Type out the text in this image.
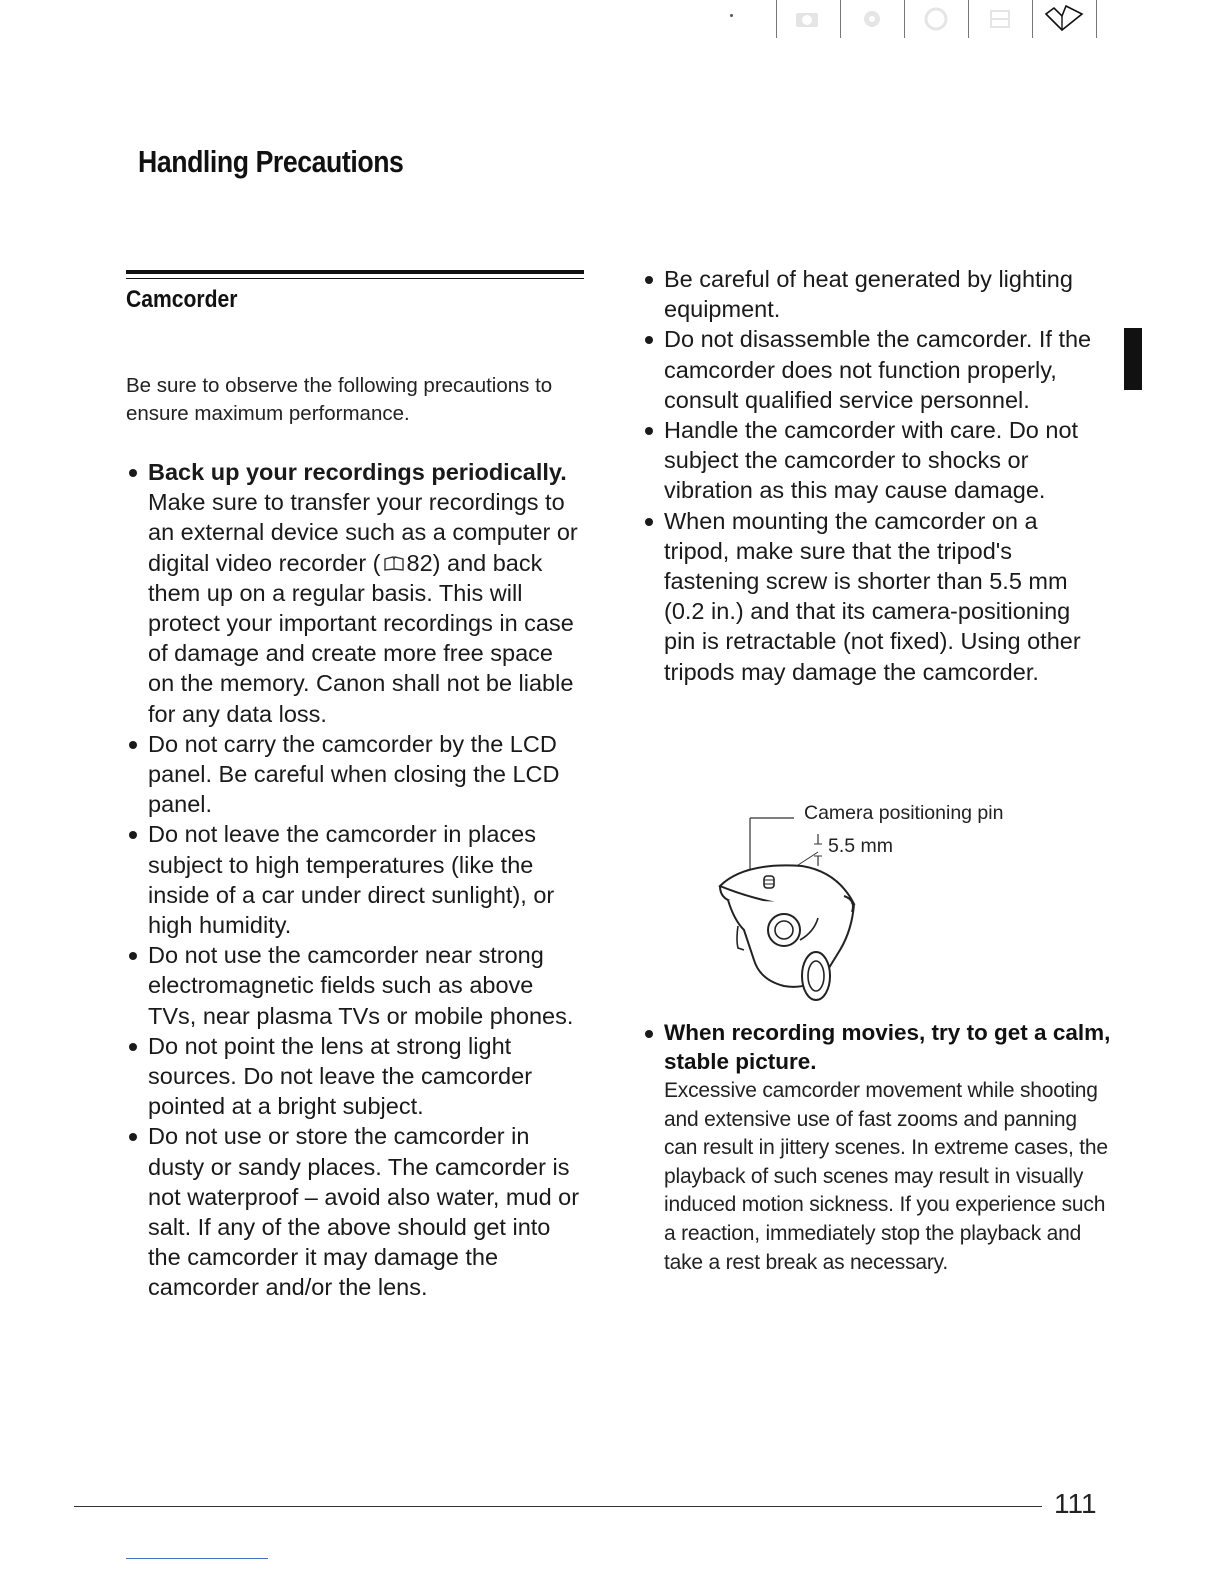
Handling Precautions
Camcorder

Be sure to observe the following precautions to ensure maximum performance.

Back up your recordings periodically. Make sure to transfer your recordings to an external device such as a computer or digital video recorder ( 82) and back them up on a regular basis. This will protect your important recordings in case of damage and create more free space on the memory. Canon shall not be liable for any data loss.
Do not carry the camcorder by the LCD panel. Be careful when closing the LCD panel.
Do not leave the camcorder in places subject to high temperatures (like the inside of a car under direct sunlight), or high humidity.
Do not use the camcorder near strong electromagnetic fields such as above TVs, near plasma TVs or mobile phones.
Do not point the lens at strong light sources. Do not leave the camcorder pointed at a bright subject.
Do not use or store the camcorder in dusty or sandy places. The camcorder is not waterproof – avoid also water, mud or salt. If any of the above should get into the camcorder it may damage the camcorder and/or the lens.
Be careful of heat generated by lighting equipment.
Do not disassemble the camcorder. If the camcorder does not function properly, consult qualified service personnel.
Handle the camcorder with care. Do not subject the camcorder to shocks or vibration as this may cause damage.
When mounting the camcorder on a tripod, make sure that the tripod's fastening screw is shorter than 5.5 mm (0.2 in.) and that its camera-positioning pin is retractable (not fixed). Using other tripods may damage the camcorder.
Camera positioning pin
5.5 mm
When recording movies, try to get a calm, stable picture.
Excessive camcorder movement while shooting and extensive use of fast zooms and panning can result in jittery scenes. In extreme cases, the playback of such scenes may result in visually induced motion sickness. If you experience such a reaction, immediately stop the playback and take a rest break as necessary.
111
